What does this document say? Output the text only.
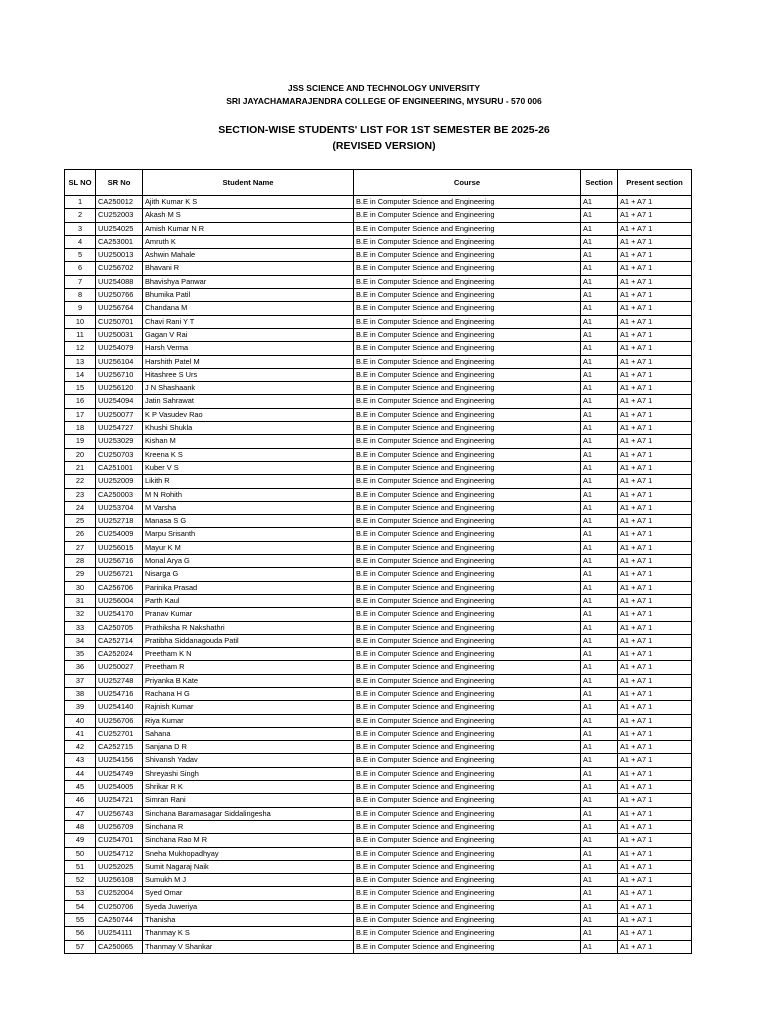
JSS SCIENCE AND TECHNOLOGY UNIVERSITY
SRI JAYACHAMARAJENDRA COLLEGE OF ENGINEERING, MYSURU - 570 006
SECTION-WISE STUDENTS' LIST FOR 1ST SEMESTER BE 2025-26
(REVISED VERSION)
SL NO	SR No	Student Name	Course	Section	Present section
1	CA250012	Ajith Kumar K S	B.E in Computer Science and Engineering	A1	A1 + A7 1
2	CU252003	Akash M S	B.E in Computer Science and Engineering	A1	A1 + A7 1
3	UU254025	Amish Kumar N R	B.E in Computer Science and Engineering	A1	A1 + A7 1
4	CA253001	Amruth K	B.E in Computer Science and Engineering	A1	A1 + A7 1
5	UU250013	Ashwin Mahale	B.E in Computer Science and Engineering	A1	A1 + A7 1
6	CU256702	Bhavani R	B.E in Computer Science and Engineering	A1	A1 + A7 1
7	UU254088	Bhavishya Panwar	B.E in Computer Science and Engineering	A1	A1 + A7 1
8	UU250766	Bhumika Patil	B.E in Computer Science and Engineering	A1	A1 + A7 1
9	UU256764	Chandana M	B.E in Computer Science and Engineering	A1	A1 + A7 1
10	CU250701	Chavi Rani Y T	B.E in Computer Science and Engineering	A1	A1 + A7 1
11	UU250031	Gagan V Rai	B.E in Computer Science and Engineering	A1	A1 + A7 1
12	UU254079	Harsh Verma	B.E in Computer Science and Engineering	A1	A1 + A7 1
13	UU256104	Harshith Patel M	B.E in Computer Science and Engineering	A1	A1 + A7 1
14	UU256710	Hitashree S Urs	B.E in Computer Science and Engineering	A1	A1 + A7 1
15	UU256120	J N Shashaank	B.E in Computer Science and Engineering	A1	A1 + A7 1
16	UU254094	Jatin Sahrawat	B.E in Computer Science and Engineering	A1	A1 + A7 1
17	UU250077	K P Vasudev Rao	B.E in Computer Science and Engineering	A1	A1 + A7 1
18	UU254727	Khushi Shukla	B.E in Computer Science and Engineering	A1	A1 + A7 1
19	UU253029	Kishan M	B.E in Computer Science and Engineering	A1	A1 + A7 1
20	CU250703	Kreena K S	B.E in Computer Science and Engineering	A1	A1 + A7 1
21	CA251001	Kuber V S	B.E in Computer Science and Engineering	A1	A1 + A7 1
22	UU252009	Likith R	B.E in Computer Science and Engineering	A1	A1 + A7 1
23	CA250003	M N Rohith	B.E in Computer Science and Engineering	A1	A1 + A7 1
24	UU253704	M Varsha	B.E in Computer Science and Engineering	A1	A1 + A7 1
25	UU252718	Manasa S G	B.E in Computer Science and Engineering	A1	A1 + A7 1
26	CU254009	Marpu Srisanth	B.E in Computer Science and Engineering	A1	A1 + A7 1
27	UU256015	Mayur K M	B.E in Computer Science and Engineering	A1	A1 + A7 1
28	UU256716	Monal Arya G	B.E in Computer Science and Engineering	A1	A1 + A7 1
29	UU256721	Nisarga G	B.E in Computer Science and Engineering	A1	A1 + A7 1
30	CA256706	Parinika Prasad	B.E in Computer Science and Engineering	A1	A1 + A7 1
31	UU256004	Parth Kaul	B.E in Computer Science and Engineering	A1	A1 + A7 1
32	UU254170	Pranav Kumar	B.E in Computer Science and Engineering	A1	A1 + A7 1
33	CA250705	Prathiksha R Nakshathri	B.E in Computer Science and Engineering	A1	A1 + A7 1
34	CA252714	Pratibha Siddanagouda Patil	B.E in Computer Science and Engineering	A1	A1 + A7 1
35	CA252024	Preetham K N	B.E in Computer Science and Engineering	A1	A1 + A7 1
36	UU250027	Preetham R	B.E in Computer Science and Engineering	A1	A1 + A7 1
37	UU252748	Priyanka B Kate	B.E in Computer Science and Engineering	A1	A1 + A7 1
38	UU254716	Rachana H G	B.E in Computer Science and Engineering	A1	A1 + A7 1
39	UU254140	Rajnish Kumar	B.E in Computer Science and Engineering	A1	A1 + A7 1
40	UU256706	Riya Kumar	B.E in Computer Science and Engineering	A1	A1 + A7 1
41	CU252701	Sahana	B.E in Computer Science and Engineering	A1	A1 + A7 1
42	CA252715	Sanjana D R	B.E in Computer Science and Engineering	A1	A1 + A7 1
43	UU254156	Shivansh Yadav	B.E in Computer Science and Engineering	A1	A1 + A7 1
44	UU254749	Shreyashi Singh	B.E in Computer Science and Engineering	A1	A1 + A7 1
45	UU254005	Shrikar R K	B.E in Computer Science and Engineering	A1	A1 + A7 1
46	UU254721	Simran Rani	B.E in Computer Science and Engineering	A1	A1 + A7 1
47	UU256743	Sinchana Baramasagar Siddalingesha	B.E in Computer Science and Engineering	A1	A1 + A7 1
48	UU256709	Sinchana R	B.E in Computer Science and Engineering	A1	A1 + A7 1
49	CU254701	Sinchana Rao M R	B.E in Computer Science and Engineering	A1	A1 + A7 1
50	UU254712	Sneha Mukhopadhyay	B.E in Computer Science and Engineering	A1	A1 + A7 1
51	UU252025	Sumit Nagaraj Naik	B.E in Computer Science and Engineering	A1	A1 + A7 1
52	UU256108	Sumukh M J	B.E in Computer Science and Engineering	A1	A1 + A7 1
53	CU252004	Syed Omar	B.E in Computer Science and Engineering	A1	A1 + A7 1
54	CU250706	Syeda Juweriya	B.E in Computer Science and Engineering	A1	A1 + A7 1
55	CA250744	Thanisha	B.E in Computer Science and Engineering	A1	A1 + A7 1
56	UU254111	Thanmay K S	B.E in Computer Science and Engineering	A1	A1 + A7 1
57	CA250065	Thanmay V Shankar	B.E in Computer Science and Engineering	A1	A1 + A7 1
